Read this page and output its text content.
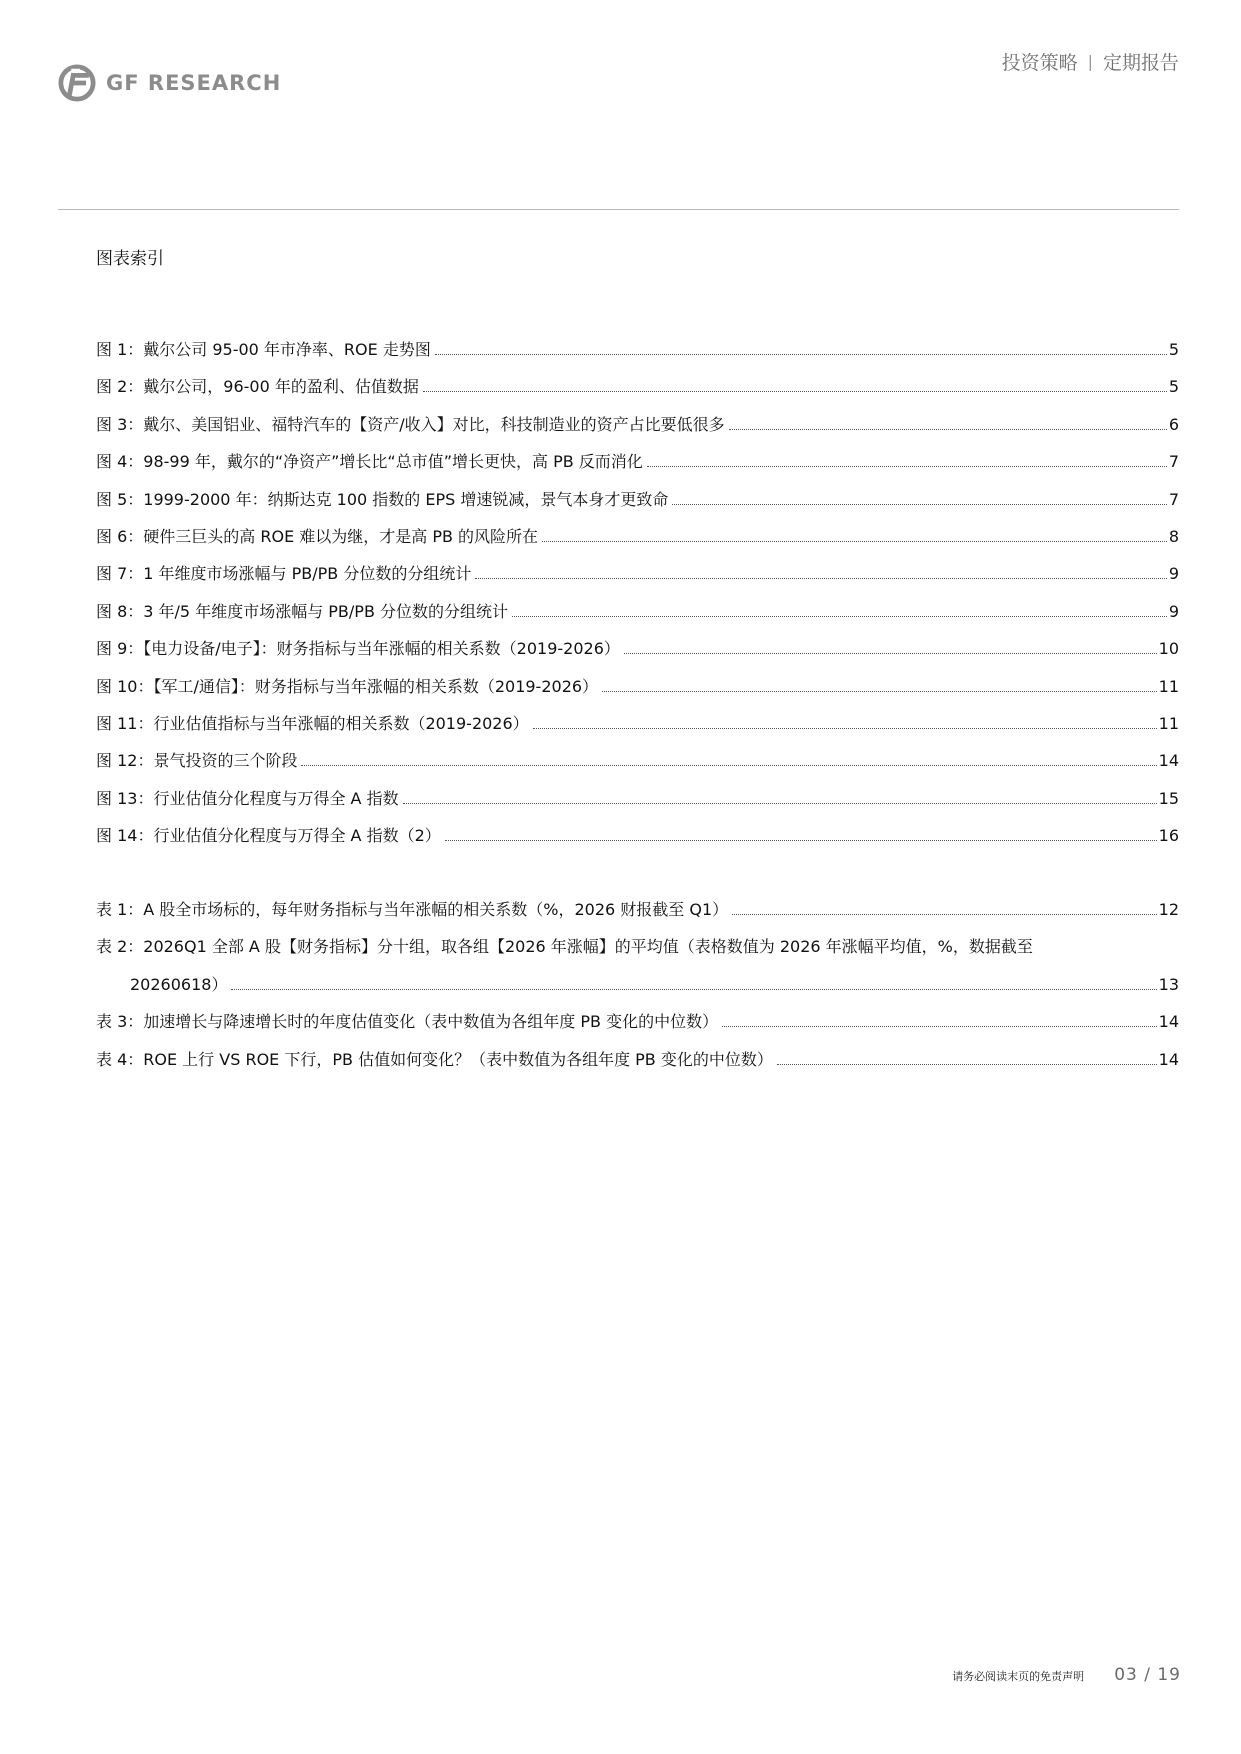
GF RESEARCH
投资策略 | 定期报告
图表索引
图 1：戴尔公司 95-00 年市净率、ROE 走势图	5
图 2：戴尔公司，96-00 年的盈利、估值数据	5
图 3：戴尔、美国铝业、福特汽车的【资产/收入】对比，科技制造业的资产占比要低很多	6
图 4：98-99 年，戴尔的“净资产”增长比“总市值”增长更快，高 PB 反而消化	7
图 5：1999-2000 年：纳斯达克 100 指数的 EPS 增速锐减，景气本身才更致命	7
图 6：硬件三巨头的高 ROE 难以为继，才是高 PB 的风险所在	8
图 7：1 年维度市场涨幅与 PB/PB 分位数的分组统计	9
图 8：3 年/5 年维度市场涨幅与 PB/PB 分位数的分组统计	9
图 9：【电力设备/电子】：财务指标与当年涨幅的相关系数（2019-2026）	10
图 10：【军工/通信】：财务指标与当年涨幅的相关系数（2019-2026）	11
图 11：行业估值指标与当年涨幅的相关系数（2019-2026）	11
图 12：景气投资的三个阶段	14
图 13：行业估值分化程度与万得全 A 指数	15
图 14：行业估值分化程度与万得全 A 指数（2）	16
表 1：A 股全市场标的，每年财务指标与当年涨幅的相关系数（%，2026 财报截至 Q1）	12
表 2：2026Q1 全部 A 股【财务指标】分十组，取各组【2026 年涨幅】的平均值（表格数值为 2026 年涨幅平均值，%，数据截至
20260618）	13
表 3：加速增长与降速增长时的年度估值变化（表中数值为各组年度 PB 变化的中位数）	14
表 4：ROE 上行 VS ROE 下行，PB 估值如何变化？（表中数值为各组年度 PB 变化的中位数）	14
请务必阅读末页的免责声明 03 / 19
